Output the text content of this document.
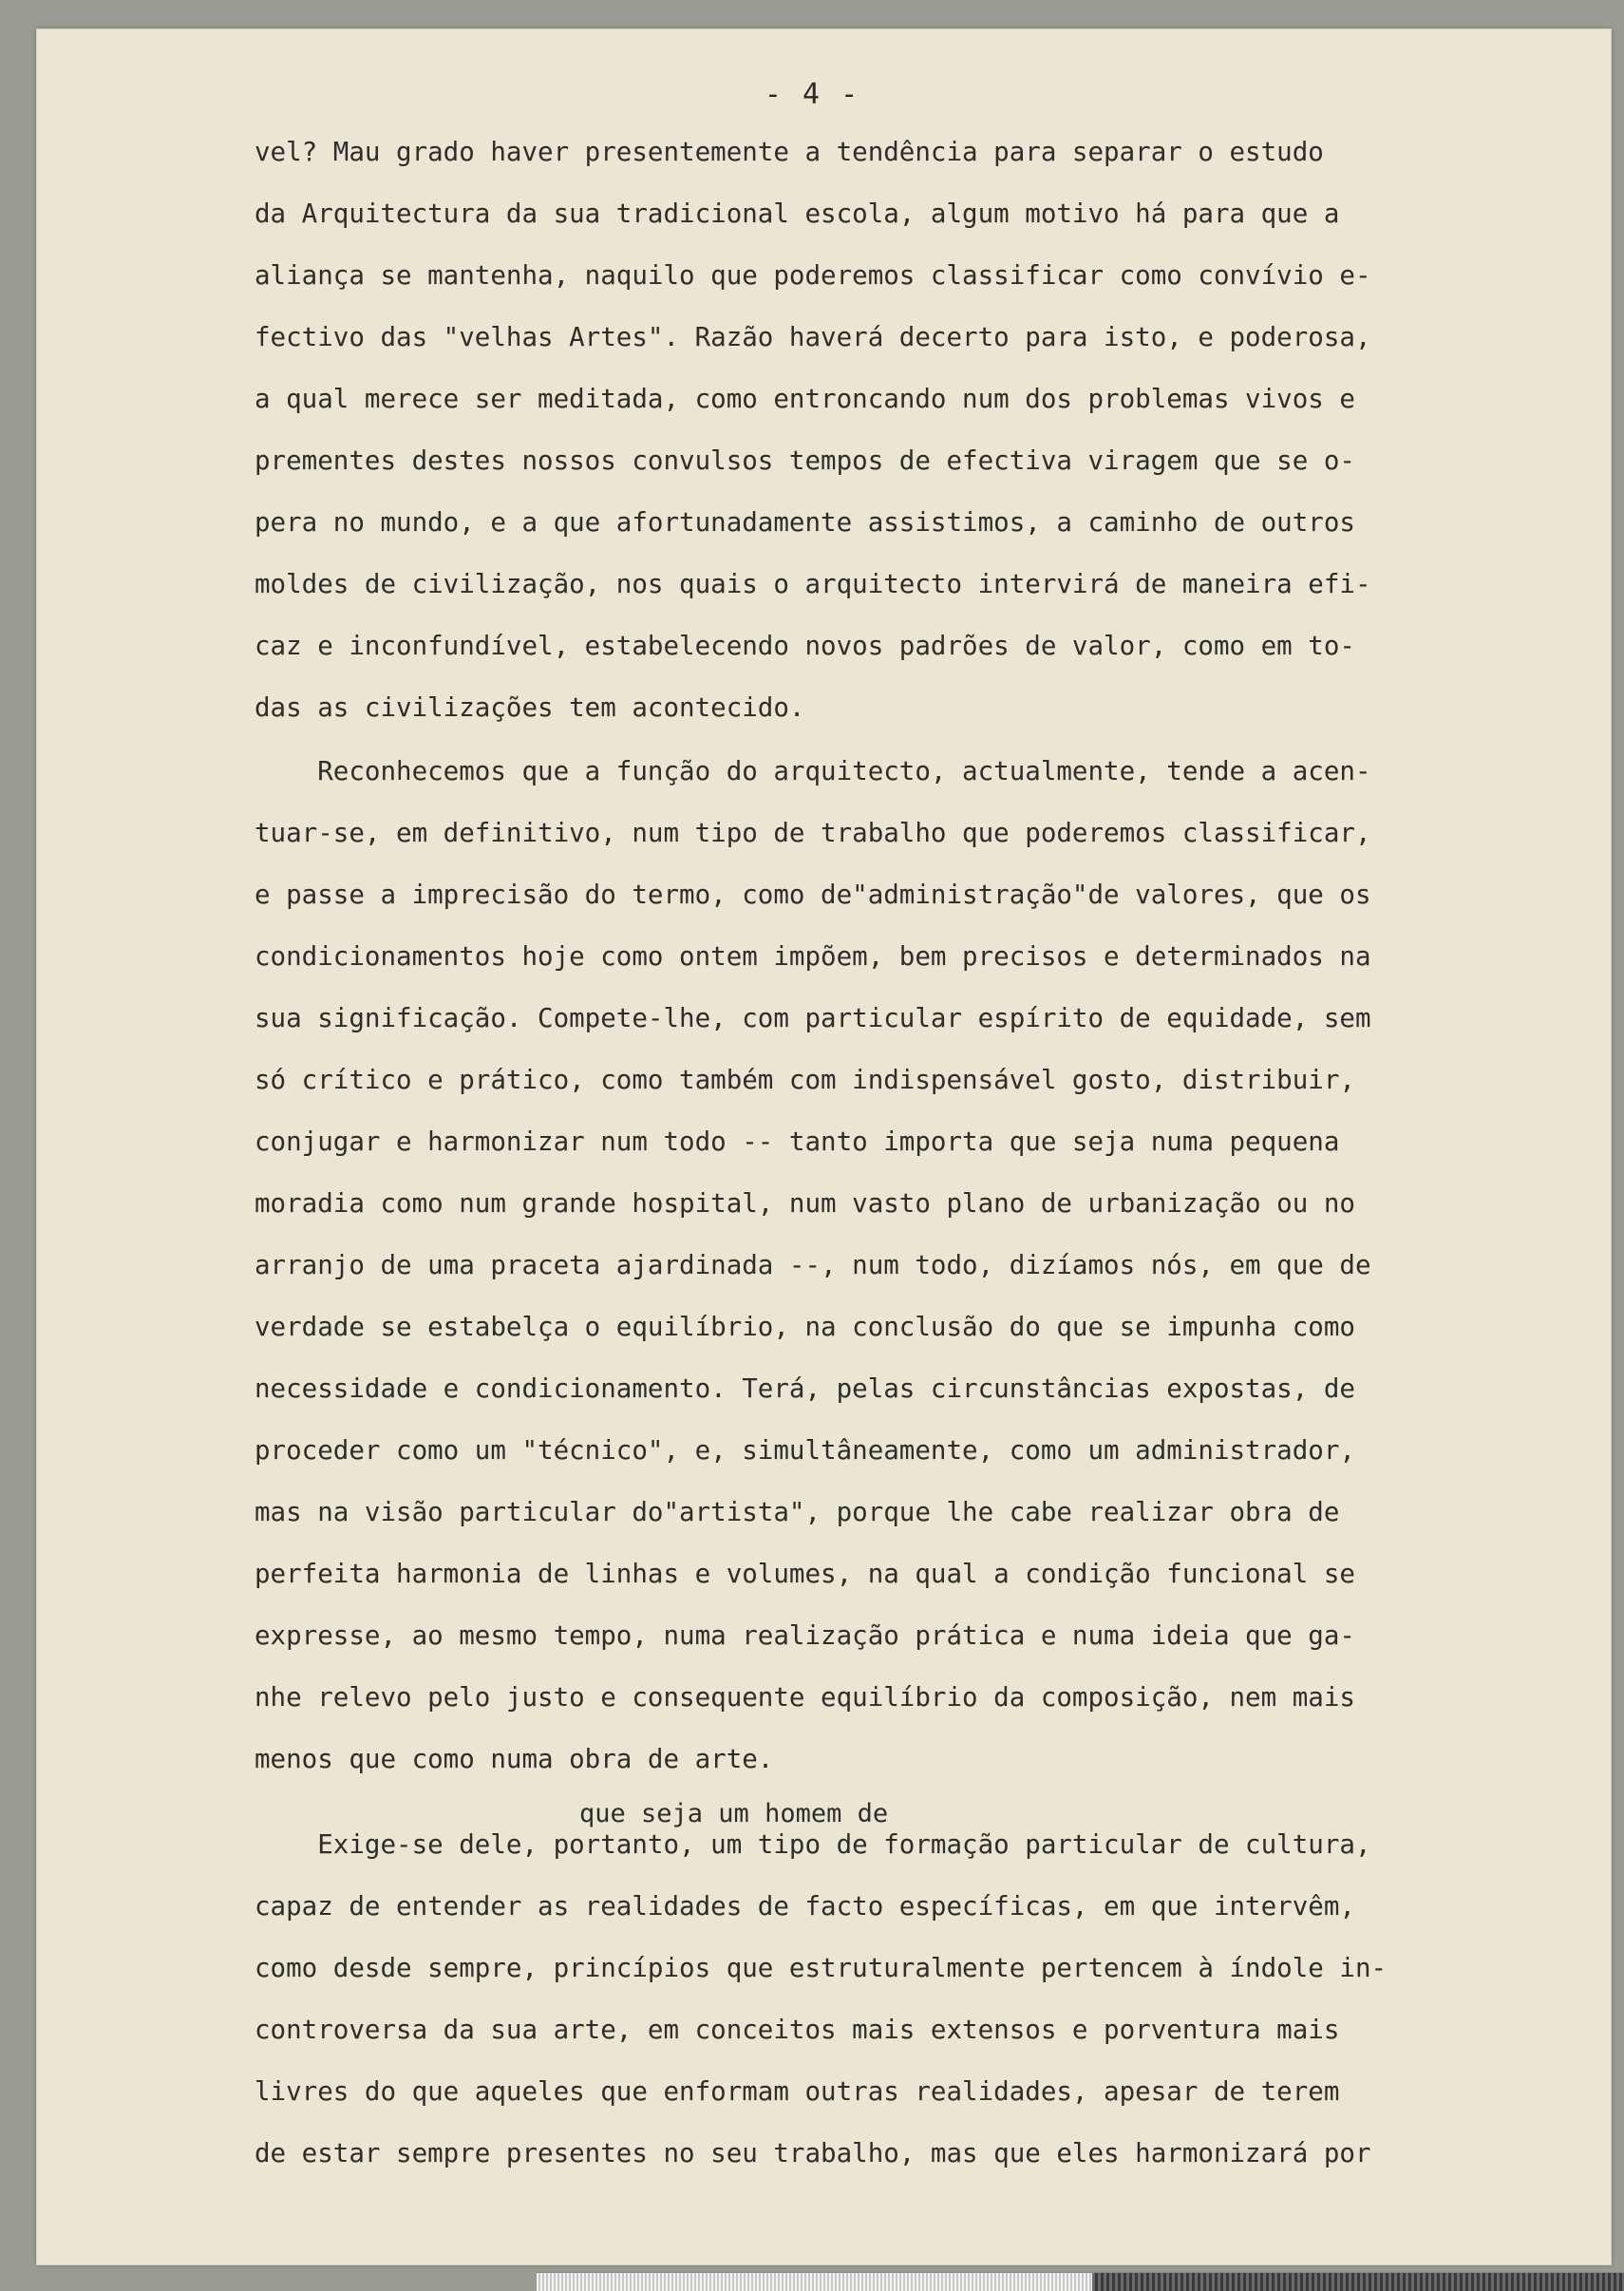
- 4 -
vel? Mau grado haver presentemente a tendência para separar o estudo
da Arquitectura da sua tradicional escola, algum motivo há para que a
aliança se mantenha, naquilo que poderemos classificar como convívio e-
fectivo das "velhas Artes". Razão haverá decerto para isto, e poderosa,
a qual merece ser meditada, como entroncando num dos problemas vivos e
prementes destes nossos convulsos tempos de efectiva viragem que se o-
pera no mundo, e a que afortunadamente assistimos, a caminho de outros
moldes de civilização, nos quais o arquitecto intervirá de maneira efi-
caz e inconfundível, estabelecendo novos padrões de valor, como em to-
das as civilizações tem acontecido.
Reconhecemos que a função do arquitecto, actualmente, tende a acen-
tuar-se, em definitivo, num tipo de trabalho que poderemos classificar,
e passe a imprecisão do termo, como de"administração"de valores, que os
condicionamentos hoje como ontem impõem, bem precisos e determinados na
sua significação. Compete-lhe, com particular espírito de equidade, sem
só crítico e prático, como também com indispensável gosto, distribuir,
conjugar e harmonizar num todo -- tanto importa que seja numa pequena
moradia como num grande hospital, num vasto plano de urbanização ou no
arranjo de uma praceta ajardinada --, num todo, dizíamos nós, em que de
verdade se estabelça o equilíbrio, na conclusão do que se impunha como
necessidade e condicionamento. Terá, pelas circunstâncias expostas, de
proceder como um "técnico", e, simultâneamente, como um administrador,
mas na visão particular do"artista", porque lhe cabe realizar obra de
perfeita harmonia de linhas e volumes, na qual a condição funcional se
expresse, ao mesmo tempo, numa realização prática e numa ideia que ga-
nhe relevo pelo justo e consequente equilíbrio da composição, nem mais
menos que como numa obra de arte.
Exige-se dele, portanto, um tipo de formação particular de cultura,
capaz de entender as realidades de facto específicas, em que intervêm,
como desde sempre, princípios que estruturalmente pertencem à índole in-
controversa da sua arte, em conceitos mais extensos e porventura mais
livres do que aqueles que enformam outras realidades, apesar de terem
de estar sempre presentes no seu trabalho, mas que eles harmonizará por
que seja um homem de
